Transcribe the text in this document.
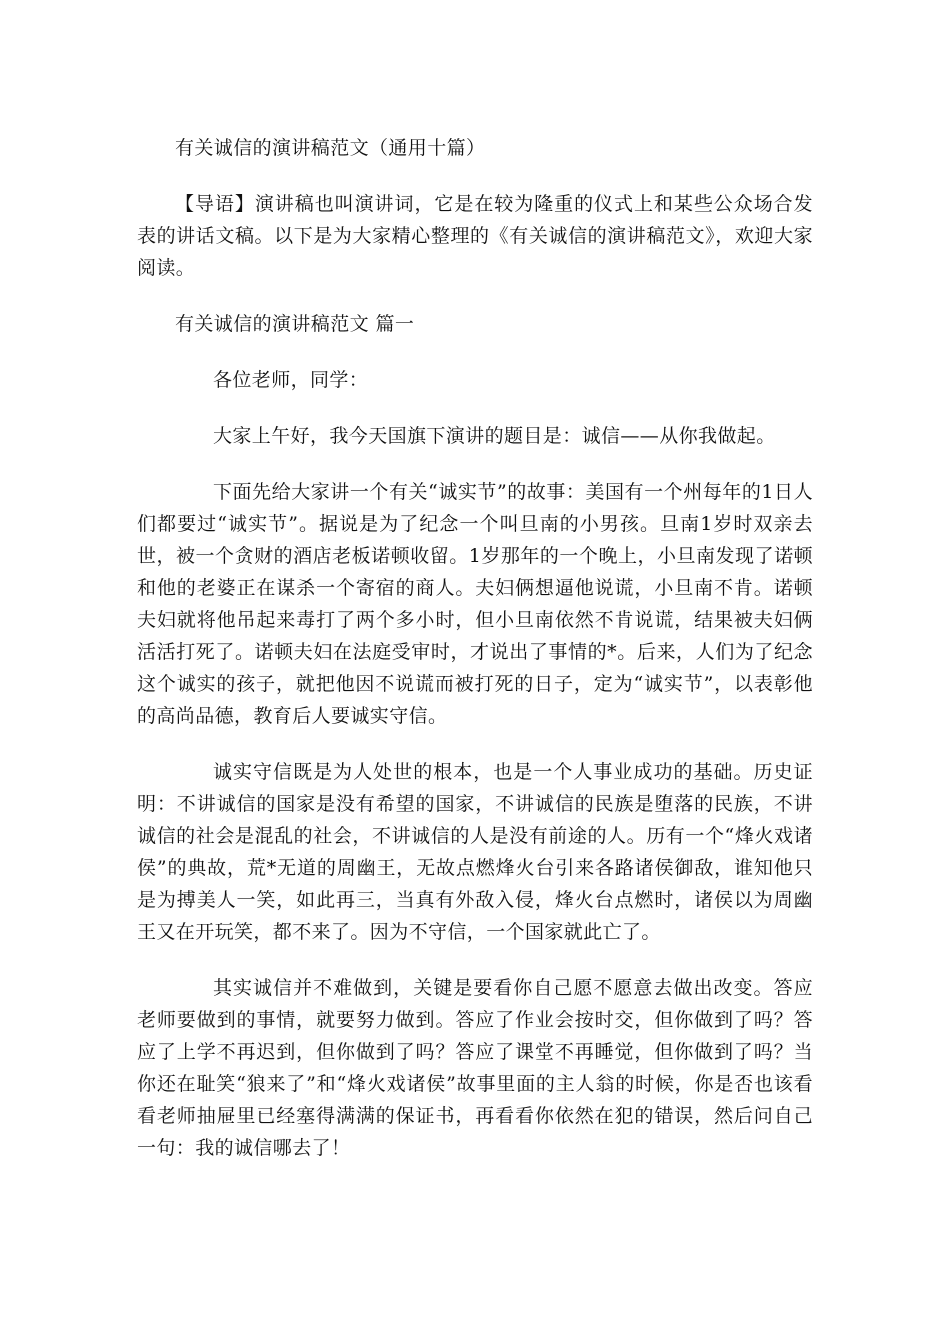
有关诚信的演讲稿范文（通用十篇）

【导语】演讲稿也叫演讲词，它是在较为隆重的仪式上和某些公众场合发表的讲话文稿。以下是为大家精心整理的《有关诚信的演讲稿范文》，欢迎大家阅读。

有关诚信的演讲稿范文 篇一

各位老师，同学：

大家上午好，我今天国旗下演讲的题目是：诚信——从你我做起。

下面先给大家讲一个有关“诚实节”的故事：美国有一个州每年的1日人们都要过“诚实节”。据说是为了纪念一个叫旦南的小男孩。旦南1岁时双亲去世，被一个贪财的酒店老板诺顿收留。1岁那年的一个晚上，小旦南发现了诺顿和他的老婆正在谋杀一个寄宿的商人。夫妇俩想逼他说谎，小旦南不肯。诺顿夫妇就将他吊起来毒打了两个多小时，但小旦南依然不肯说谎，结果被夫妇俩活活打死了。诺顿夫妇在法庭受审时，才说出了事情的*。后来，人们为了纪念这个诚实的孩子，就把他因不说谎而被打死的日子，定为“诚实节”，以表彰他的高尚品德，教育后人要诚实守信。

诚实守信既是为人处世的根本，也是一个人事业成功的基础。历史证明：不讲诚信的国家是没有希望的国家，不讲诚信的民族是堕落的民族，不讲诚信的社会是混乱的社会，不讲诚信的人是没有前途的人。历有一个“烽火戏诸侯”的典故，荒*无道的周幽王，无故点燃烽火台引来各路诸侯御敌，谁知他只是为搏美人一笑，如此再三，当真有外敌入侵，烽火台点燃时，诸侯以为周幽王又在开玩笑，都不来了。因为不守信，一个国家就此亡了。

其实诚信并不难做到，关键是要看你自己愿不愿意去做出改变。答应老师要做到的事情，就要努力做到。答应了作业会按时交，但你做到了吗？答应了上学不再迟到，但你做到了吗？答应了课堂不再睡觉，但你做到了吗？当你还在耻笑“狼来了”和“烽火戏诸侯”故事里面的主人翁的时候，你是否也该看看老师抽屉里已经塞得满满的保证书，再看看你依然在犯的错误，然后问自己一句：我的诚信哪去了！
